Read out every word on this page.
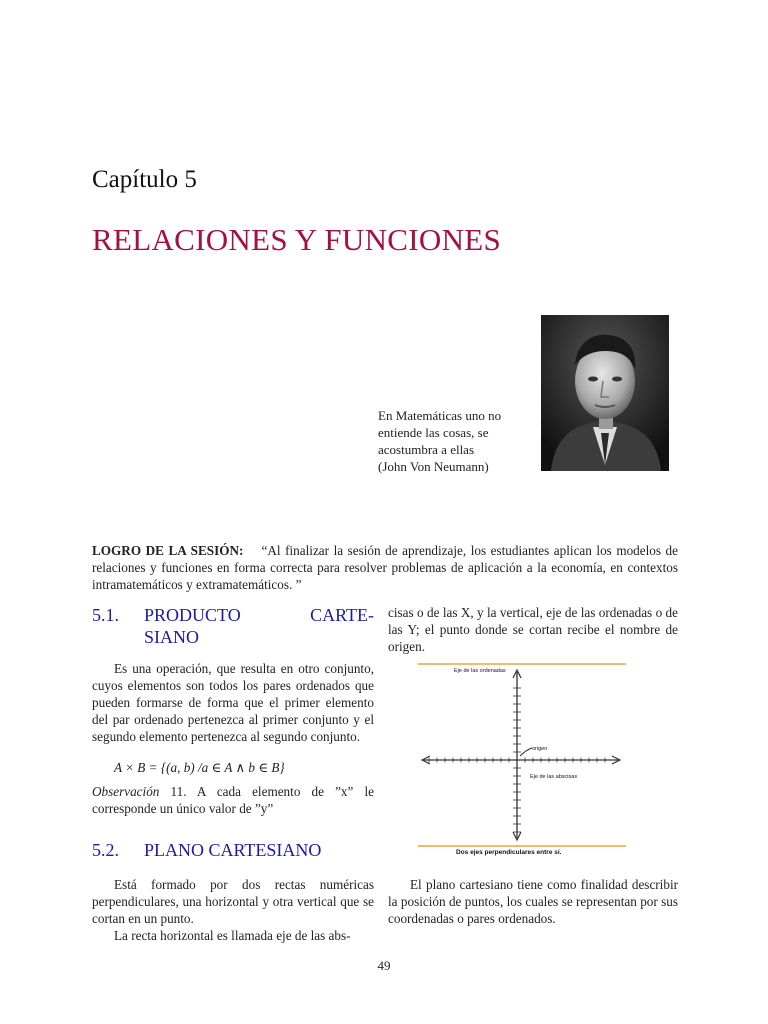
Capítulo 5
RELACIONES Y FUNCIONES
En Matemáticas uno no entiende las cosas, se acostumbra a ellas
(John Von Neumann)
LOGRO DE LA SESIÓN: “Al finalizar la sesión de aprendizaje, los estudiantes aplican los modelos de relaciones y funciones en forma correcta para resolver problemas de aplicación a la economía, en contextos intramatemáticos y extramatemáticos. ”
5.1. PRODUCTO	CARTE-
SIANO
Es una operación, que resulta en otro conjunto, cuyos elementos son todos los pares ordenados que pueden formarse de forma que el primer elemento del par ordenado pertenezca al primer conjunto y el segundo elemento pertenezca al segundo conjunto.
A × B = {(a, b) /a ∈ A ∧ b ∈ B}
Observación 11. A cada elemento de ”x” le corresponde un único valor de ”y”
5.2. PLANO CARTESIANO
Está formado por dos rectas numéricas perpendiculares, una horizontal y otra vertical que se cortan en un punto.
La recta horizontal es llamada eje de las abs-
cisas o de las X, y la vertical, eje de las ordenadas o de las Y; el punto donde se cortan recibe el nombre de origen.
Eje de las ordenadas
origen
Eje de las abscisas
Dos ejes perpendiculares entre sí.
El plano cartesiano tiene como finalidad describir la posición de puntos, los cuales se representan por sus coordenadas o pares ordenados.
49
